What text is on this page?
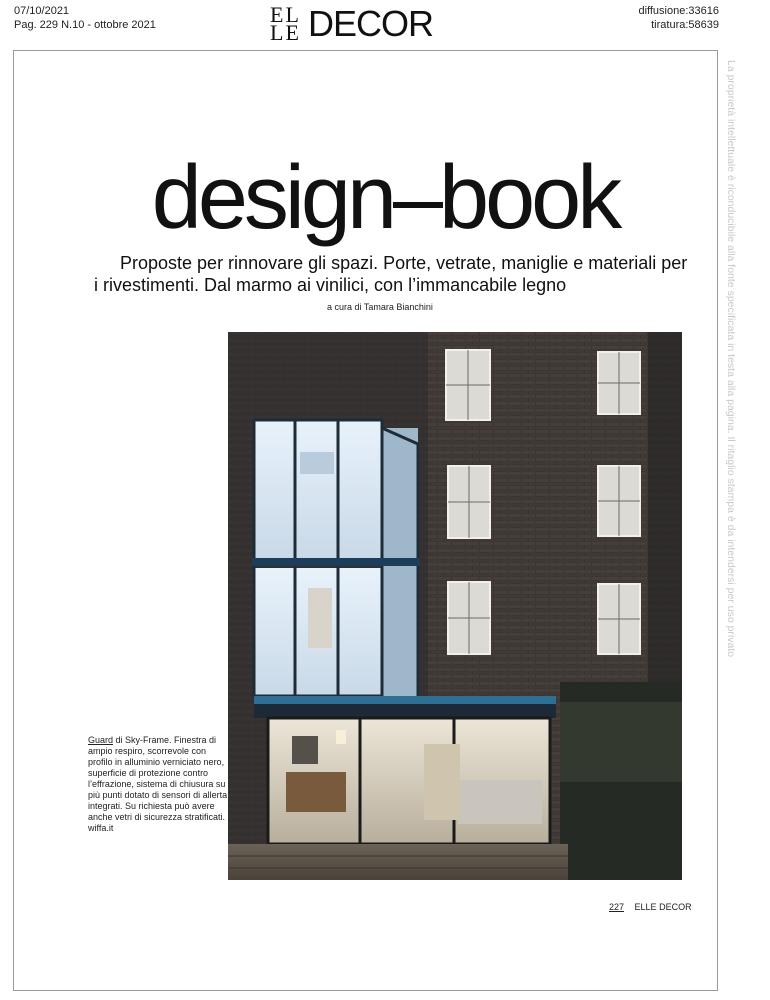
07/10/2021
Pag. 229 N.10 - ottobre 2021	ELLE DECOR	diffusione:33616
tiratura:58639
La proprietà intellettuale è riconducibile alla fonte specificata in testa alla pagina. Il ritaglio stampa è da intendersi per uso privato
design–book
Proposte per rinnovare gli spazi. Porte, vetrate, maniglie e materiali per i rivestimenti. Dal marmo ai vinilici, con l’immancabile legno
a cura di Tamara Bianchini
Guard di Sky-Frame. Finestra di ampio respiro, scorrevole con profilo in alluminio verniciato nero, superficie di protezione contro l’effrazione, sistema di chiusura su più punti dotato di sensori di allerta integrati. Su richiesta può avere anche vetri di sicurezza stratificati. wiffa.it
227 ELLE DECOR
